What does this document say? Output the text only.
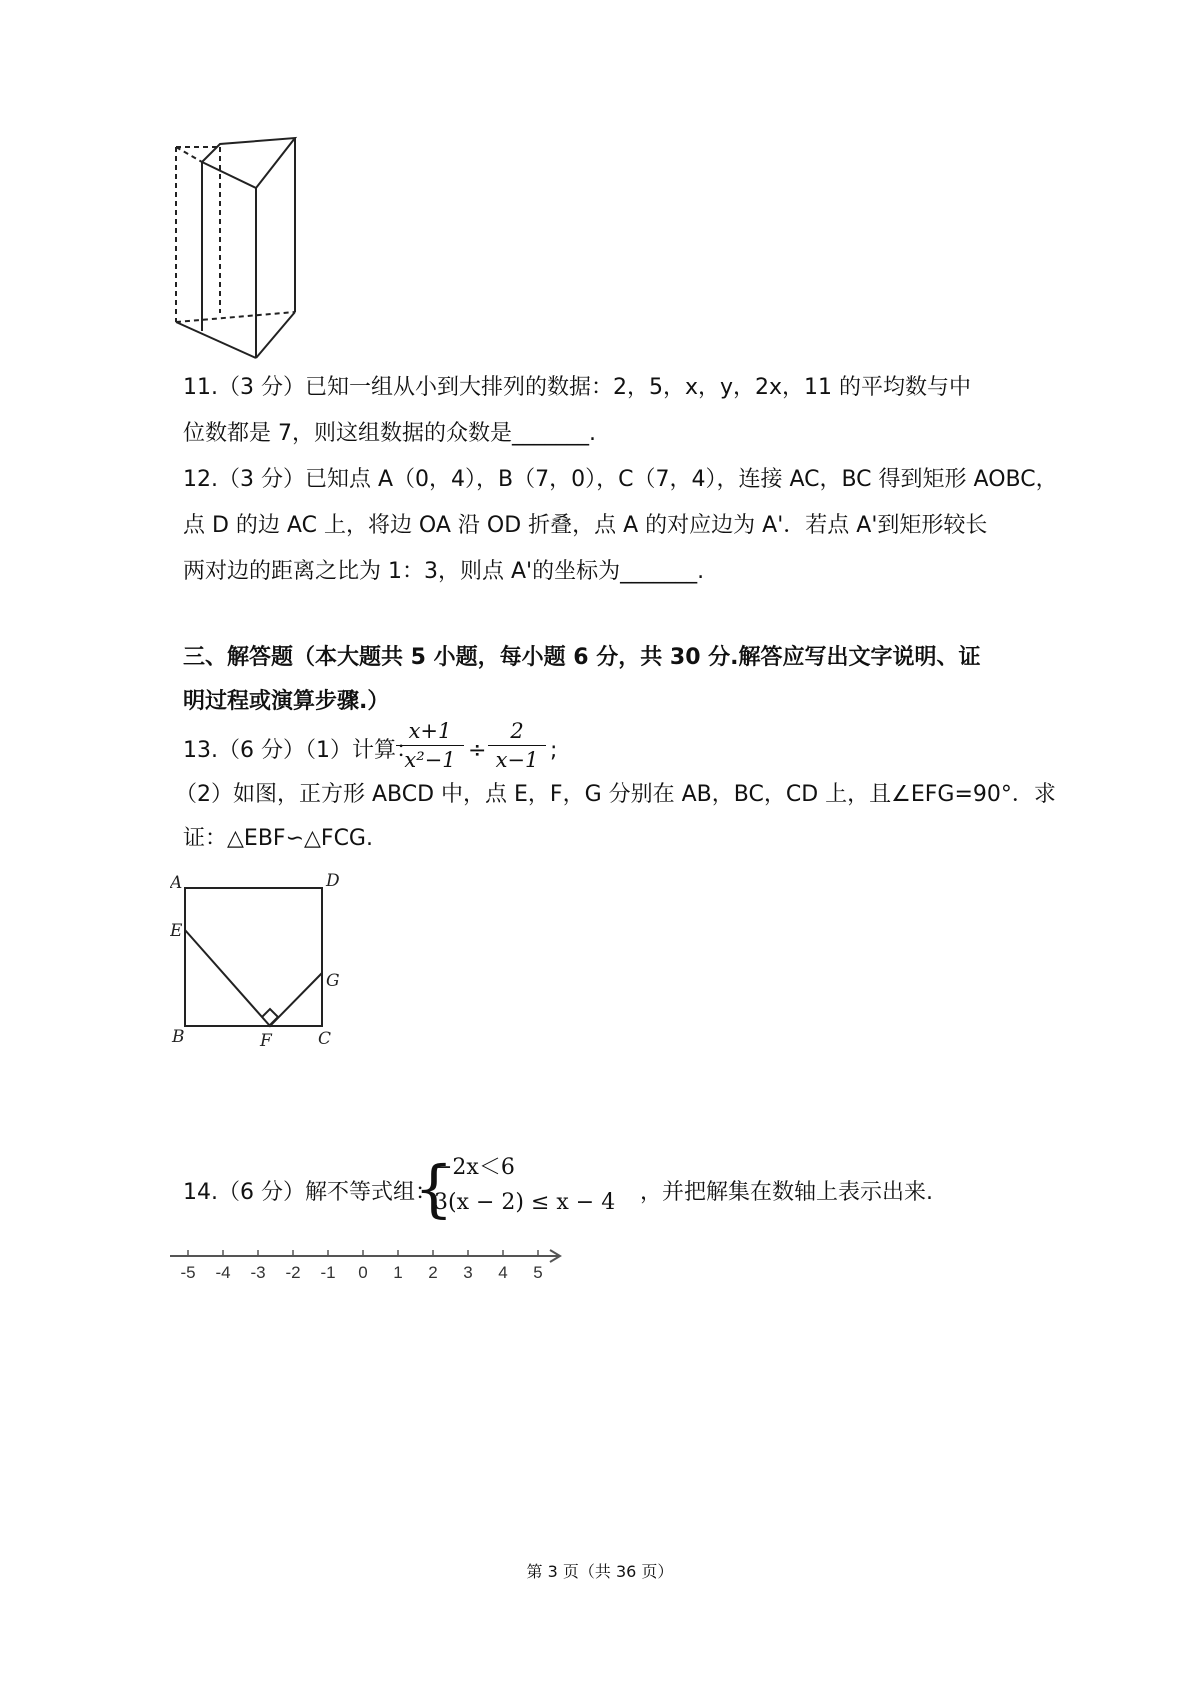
11.（3 分）已知一组从小到大排列的数据：2，5，x，y，2x，11 的平均数与中
位数都是 7，则这组数据的众数是_______.
12.（3 分）已知点 A（0，4），B（7，0），C（7，4），连接 AC，BC 得到矩形 AOBC，
点 D 的边 AC 上，将边 OA 沿 OD 折叠，点 A 的对应边为 A'．若点 A'到矩形较长
两对边的距离之比为 1：3，则点 A'的坐标为_______.
三、解答题（本大题共 5 小题，每小题 6 分，共 30 分.解答应写出文字说明、证
明过程或演算步骤.）
13.（6 分）（1）计算：
x+1
x²−1 ÷
2
x−1 ;
（2）如图，正方形 ABCD 中，点 E，F，G 分别在 AB，BC，CD 上，且∠EFG=90°．求
证：△EBF∽△FCG.
A	D
E
G
B	F	C
14.（6 分）解不等式组：
{
−2x＜6
3(x − 2) ≤ x − 4 ，并把解集在数轴上表示出来.
-5 -4 -3 -2 -1 0 1 2 3 4 5
第 3 页（共 36 页）
